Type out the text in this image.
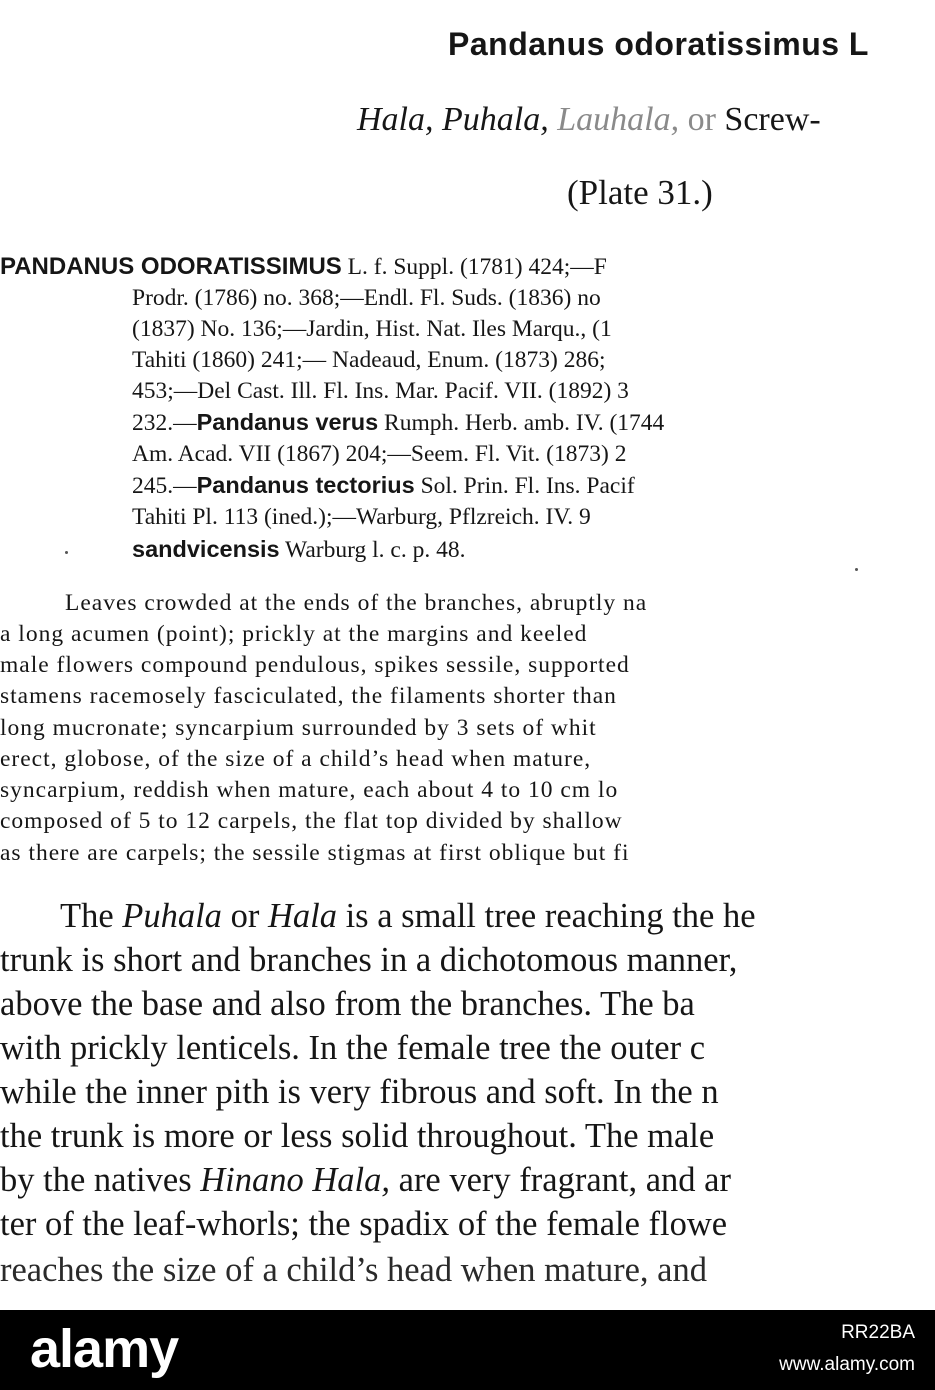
Pandanus odoratissimus L

Hala, Puhala, Lauhala, or Screw-

(Plate 31.)

PANDANUS ODORATISSIMUS L. f. Suppl. (1781) 424;—F

Prodr. (1786) no. 368;—Endl. Fl. Suds. (1836) no

(1837) No. 136;—Jardin, Hist. Nat. Iles Marqu., (1

Tahiti (1860) 241;— Nadeaud, Enum. (1873) 286;

453;—Del Cast. Ill. Fl. Ins. Mar. Pacif. VII. (1892) 3

232.—Pandanus verus Rumph. Herb. amb. IV. (1744

Am. Acad. VII (1867) 204;—Seem. Fl. Vit. (1873) 2

245.—Pandanus tectorius Sol. Prin. Fl. Ins. Pacif

Tahiti Pl. 113 (ined.);—Warburg, Pflzreich. IV. 9

sandvicensis Warburg l. c. p. 48.

Leaves crowded at the ends of the branches, abruptly na

a long acumen (point); prickly at the margins and keeled

male flowers compound pendulous, spikes sessile, supported

stamens racemosely fasciculated, the filaments shorter than

long mucronate; syncarpium surrounded by 3 sets of whit

erect, globose, of the size of a child’s head when mature,

syncarpium, reddish when mature, each about 4 to 10 cm lo

composed of 5 to 12 carpels, the flat top divided by shallow

as there are carpels; the sessile stigmas at first oblique but fi

The Puhala or Hala is a small tree reaching the he

trunk is short and branches in a dichotomous manner,

above the base and also from the branches. The ba

with prickly lenticels. In the female tree the outer c

while the inner pith is very fibrous and soft. In the n

the trunk is more or less solid throughout. The male

by the natives Hinano Hala, are very fragrant, and ar

ter of the leaf-whorls; the spadix of the female flowe

reaches the size of a child’s head when mature, and

alamy	RR22BA
www.alamy.com
